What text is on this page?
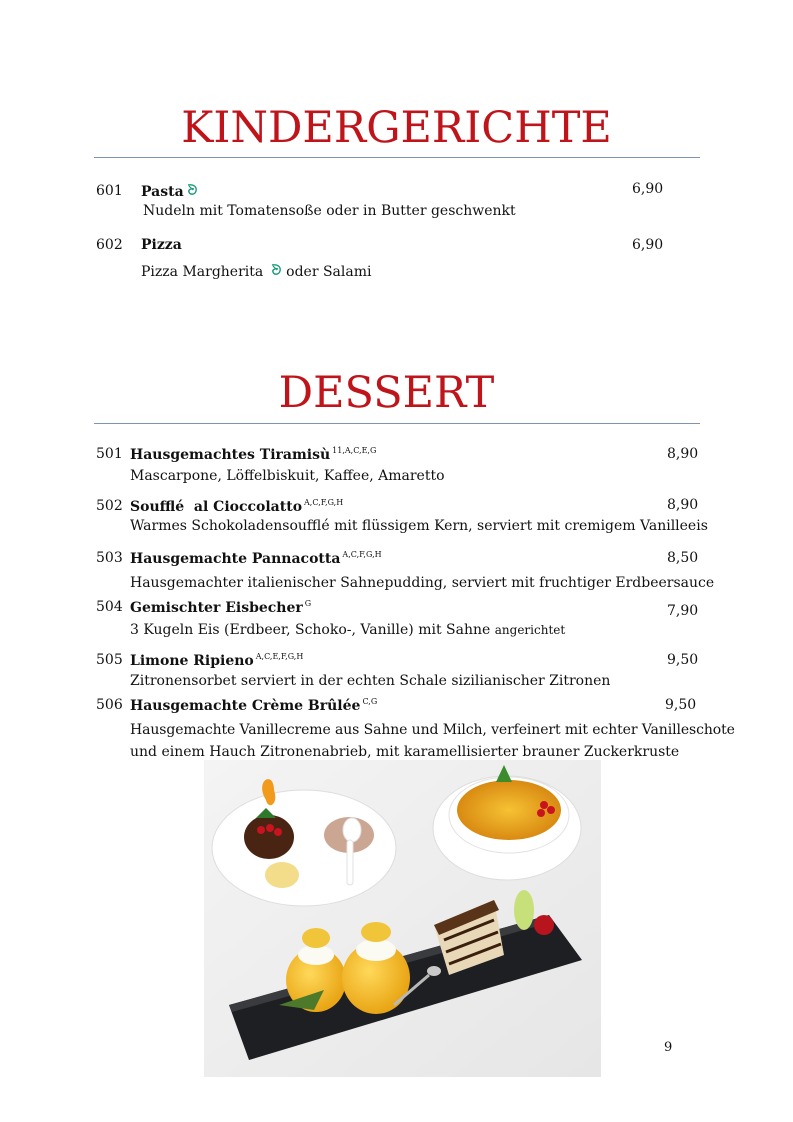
KINDERGERICHTE
601 Pasta	6,90
Nudeln mit Tomatensoße oder in Butter geschwenkt
602 Pizza	6,90
Pizza Margherita oder Salami
DESSERT
501 Hausgemachtes Tiramisù $^{11,A,C,E,G}$	8,90
Mascarpone, Löffelbiskuit, Kaffee, Amaretto
502 Soufflé  al Cioccolatto $^{A,C,F,G,H}$	8,90
Warmes Schokoladensoufflé mit flüssigem Kern, serviert mit cremigem Vanilleeis
503 Hausgemachte Pannacotta $^{A,C,F,G,H}$	8,50
Hausgemachter italienischer Sahnepudding, serviert mit fruchtiger Erdbeersauce
504 Gemischter Eisbecher $^G$	7,90
3 Kugeln Eis (Erdbeer, Schoko-, Vanille) mit Sahne angerichtet
505 Limone Ripieno $^{A,C,E,F,G,H}$	9,50
Zitronensorbet serviert in der echten Schale sizilianischer Zitronen
506 Hausgemachte Crème Brûlée $^{C,G}$	9,50
Hausgemachte Vanillecreme aus Sahne und Milch, verfeinert mit echter Vanilleschote
und einem Hauch Zitronenabrieb, mit karamellisierter brauner Zuckerkruste
9
